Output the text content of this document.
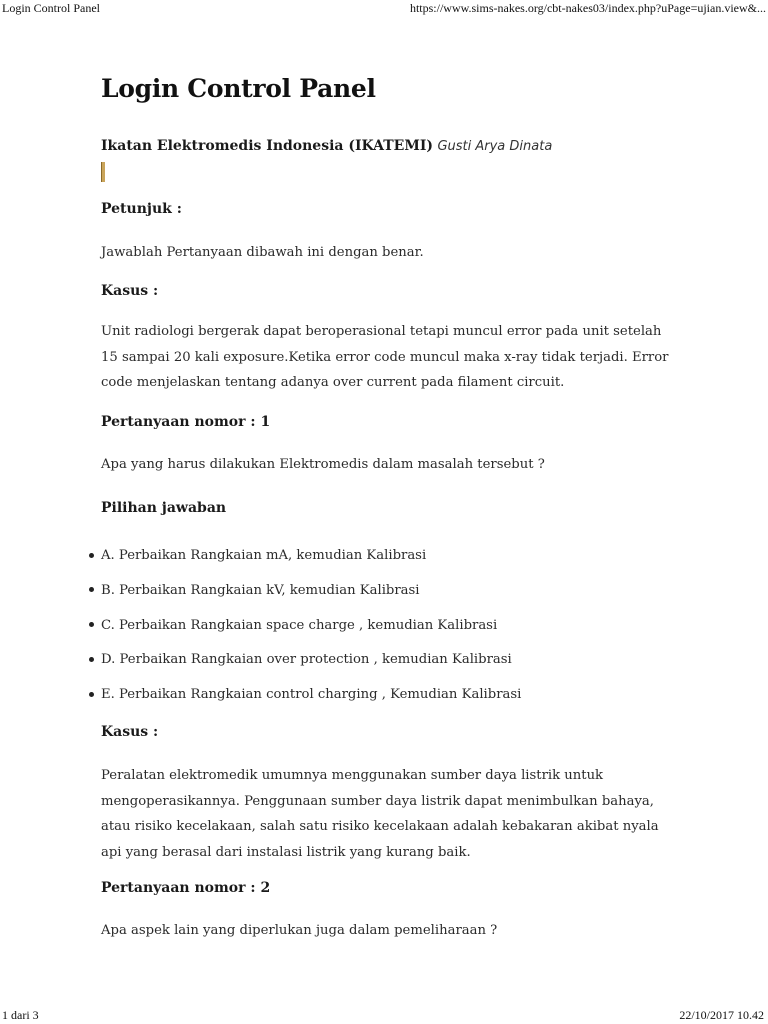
Login Control Panel	https://www.sims-nakes.org/cbt-nakes03/index.php?uPage=ujian.view&...
Login Control Panel
Ikatan Elektromedis Indonesia (IKATEMI) Gusti Arya Dinata
Petunjuk :
Jawablah Pertanyaan dibawah ini dengan benar.
Kasus :
Unit radiologi bergerak dapat beroperasional tetapi muncul error pada unit setelah
15 sampai 20 kali exposure.Ketika error code muncul maka x-ray tidak terjadi. Error
code menjelaskan tentang adanya over current pada filament circuit.
Pertanyaan nomor : 1
Apa yang harus dilakukan Elektromedis dalam masalah tersebut ?
Pilihan jawaban
A. Perbaikan Rangkaian mA, kemudian Kalibrasi
B. Perbaikan Rangkaian kV, kemudian Kalibrasi
C. Perbaikan Rangkaian space charge , kemudian Kalibrasi
D. Perbaikan Rangkaian over protection , kemudian Kalibrasi
E. Perbaikan Rangkaian control charging , Kemudian Kalibrasi
Kasus :
Peralatan elektromedik umumnya menggunakan sumber daya listrik untuk
mengoperasikannya. Penggunaan sumber daya listrik dapat menimbulkan bahaya,
atau risiko kecelakaan, salah satu risiko kecelakaan adalah kebakaran akibat nyala
api yang berasal dari instalasi listrik yang kurang baik.
Pertanyaan nomor : 2
Apa aspek lain yang diperlukan juga dalam pemeliharaan ?
1 dari 3	22/10/2017 10.42
